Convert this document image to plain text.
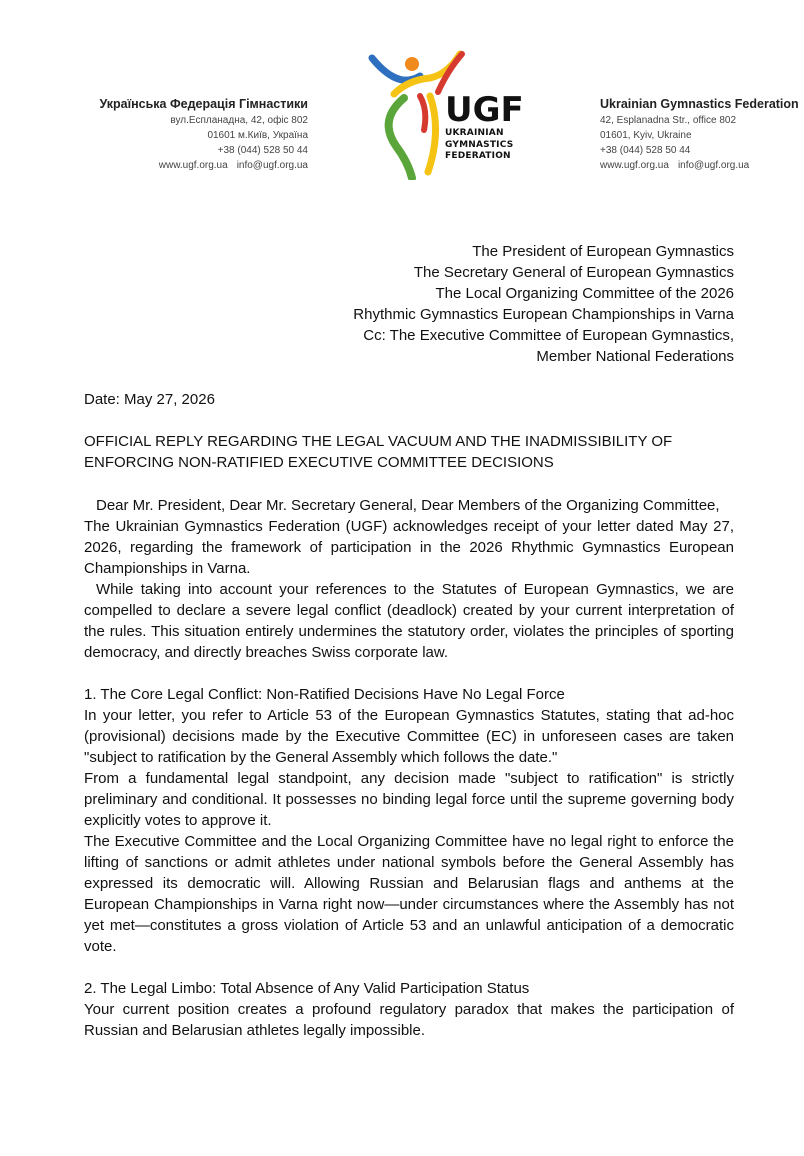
Українська Федерація Гімнастики
вул.Еспланадна, 42, офіс 802
01601 м.Київ, Україна
+38 (044) 528 50 44
www.ugf.org.ua info@ugf.org.ua
UGF
UKRAINIAN
GYMNASTICS
FEDERATION
Ukrainian Gymnastics Federation
42, Esplanadna Str., office 802
01601, Kyiv, Ukraine
+38 (044) 528 50 44
www.ugf.org.ua info@ugf.org.ua
The President of European Gymnastics
The Secretary General of European Gymnastics
The Local Organizing Committee of the 2026
Rhythmic Gymnastics European Championships in Varna
Cc: The Executive Committee of European Gymnastics,
Member National Federations
Date: May 27, 2026
OFFICIAL REPLY REGARDING THE LEGAL VACUUM AND THE INADMISSIBILITY OF ENFORCING NON-RATIFIED EXECUTIVE COMMITTEE DECISIONS

Dear Mr. President, Dear Mr. Secretary General, Dear Members of the Organizing Committee,

The Ukrainian Gymnastics Federation (UGF) acknowledges receipt of your letter dated May 27, 2026, regarding the framework of participation in the 2026 Rhythmic Gymnastics European Championships in Varna.

While taking into account your references to the Statutes of European Gymnastics, we are compelled to declare a severe legal conflict (deadlock) created by your current interpretation of the rules. This situation entirely undermines the statutory order, violates the principles of sporting democracy, and directly breaches Swiss corporate law.

1. The Core Legal Conflict: Non-Ratified Decisions Have No Legal Force

In your letter, you refer to Article 53 of the European Gymnastics Statutes, stating that ad-hoc (provisional) decisions made by the Executive Committee (EC) in unforeseen cases are taken "subject to ratification by the General Assembly which follows the date."

From a fundamental legal standpoint, any decision made "subject to ratification" is strictly preliminary and conditional. It possesses no binding legal force until the supreme governing body explicitly votes to approve it.

The Executive Committee and the Local Organizing Committee have no legal right to enforce the lifting of sanctions or admit athletes under national symbols before the General Assembly has expressed its democratic will. Allowing Russian and Belarusian flags and anthems at the European Championships in Varna right now—under circumstances where the Assembly has not yet met—constitutes a gross violation of Article 53 and an unlawful anticipation of a democratic vote.

2. The Legal Limbo: Total Absence of Any Valid Participation Status

Your current position creates a profound regulatory paradox that makes the participation of Russian and Belarusian athletes legally impossible.
